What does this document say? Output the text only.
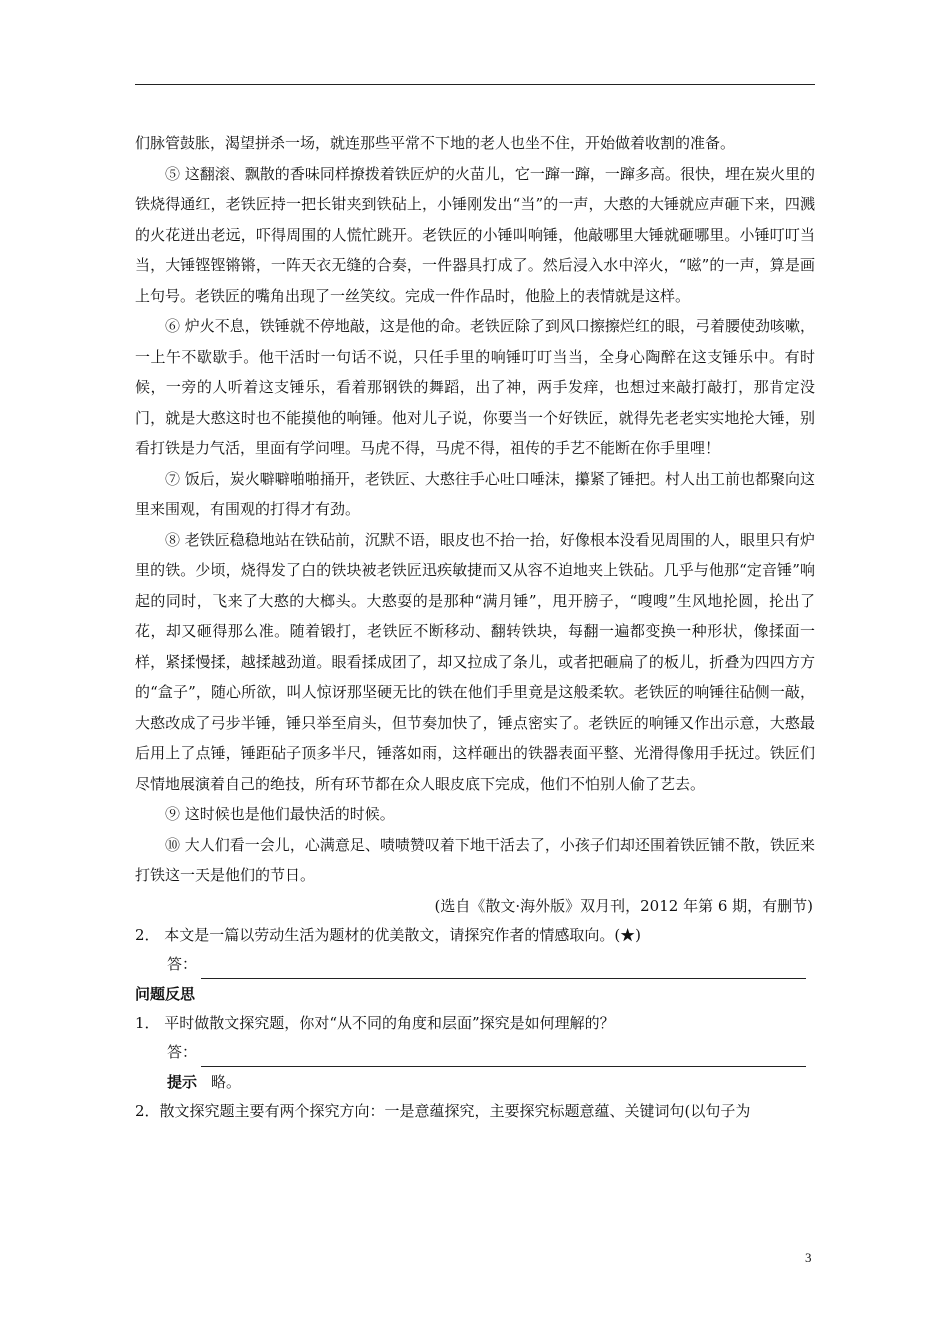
们脉管鼓胀，渴望拼杀一场，就连那些平常不下地的老人也坐不住，开始做着收割的准备。

⑤ 这翻滚、飘散的香味同样撩拨着铁匠炉的火苗儿，它一蹿一蹿，一蹿多高。很快，埋在炭火里的铁烧得通红，老铁匠持一把长钳夹到铁砧上，小锤刚发出“当”的一声，大憨的大锤就应声砸下来，四溅的火花迸出老远，吓得周围的人慌忙跳开。老铁匠的小锤叫响锤，他敲哪里大锤就砸哪里。小锤叮叮当当，大锤铿铿锵锵，一阵天衣无缝的合奏，一件器具打成了。然后浸入水中淬火，“嗞”的一声，算是画上句号。老铁匠的嘴角出现了一丝笑纹。完成一件作品时，他脸上的表情就是这样。

⑥ 炉火不息，铁锤就不停地敲，这是他的命。老铁匠除了到风口擦擦烂红的眼，弓着腰使劲咳嗽，一上午不歇歇手。他干活时一句话不说，只任手里的响锤叮叮当当，全身心陶醉在这支锤乐中。有时候，一旁的人听着这支锤乐，看着那钢铁的舞蹈，出了神，两手发痒，也想过来敲打敲打，那肯定没门，就是大憨这时也不能摸他的响锤。他对儿子说，你要当一个好铁匠，就得先老老实实地抡大锤，别看打铁是力气活，里面有学问哩。马虎不得，马虎不得，祖传的手艺不能断在你手里哩！

⑦ 饭后，炭火噼噼啪啪捅开，老铁匠、大憨往手心吐口唾沫，攥紧了锤把。村人出工前也都聚向这里来围观，有围观的打得才有劲。

⑧ 老铁匠稳稳地站在铁砧前，沉默不语，眼皮也不抬一抬，好像根本没看见周围的人，眼里只有炉里的铁。少顷，烧得发了白的铁块被老铁匠迅疾敏捷而又从容不迫地夹上铁砧。几乎与他那“定音锤”响起的同时，飞来了大憨的大榔头。大憨耍的是那种“满月锤”，甩开膀子，“嗖嗖”生风地抡圆，抡出了花，却又砸得那么准。随着锻打，老铁匠不断移动、翻转铁块，每翻一遍都变换一种形状，像揉面一样，紧揉慢揉，越揉越劲道。眼看揉成团了，却又拉成了条儿，或者把砸扁了的板儿，折叠为四四方方的“盒子”，随心所欲，叫人惊讶那坚硬无比的铁在他们手里竟是这般柔软。老铁匠的响锤往砧侧一敲，大憨改成了弓步半锤，锤只举至肩头，但节奏加快了，锤点密实了。老铁匠的响锤又作出示意，大憨最后用上了点锤，锤距砧子顶多半尺，锤落如雨，这样砸出的铁器表面平整、光滑得像用手抚过。铁匠们尽情地展演着自己的绝技，所有环节都在众人眼皮底下完成，他们不怕别人偷了艺去。

⑨ 这时候也是他们最快活的时候。

⑩ 大人们看一会儿，心满意足、啧啧赞叹着下地干活去了，小孩子们却还围着铁匠铺不散，铁匠来打铁这一天是他们的节日。

(选自《散文·海外版》双月刊，2012 年第 6 期，有删节)

2． 本文是一篇以劳动生活为题材的优美散文，请探究作者的情感取向。(★)

答：

问题反思

1． 平时做散文探究题，你对“从不同的角度和层面”探究是如何理解的？

答：

提示 略。

2．散文探究题主要有两个探究方向：一是意蕴探究，主要探究标题意蕴、关键词句(以句子为

3
